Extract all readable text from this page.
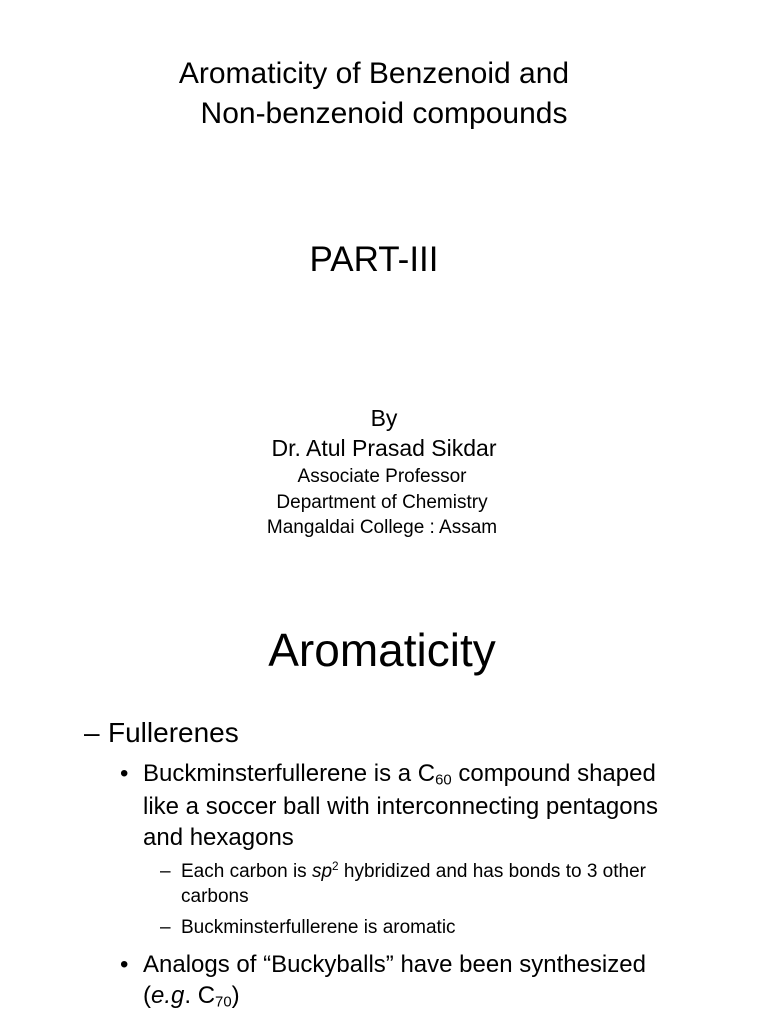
Aromaticity of Benzenoid and
Non-benzenoid compounds
PART-III
By
Dr. Atul Prasad Sikdar
Associate Professor
Department of Chemistry
Mangaldai College : Assam
Aromaticity
– Fullerenes
• Buckminsterfullerene is a $C_{60}$ compound shaped
like a soccer ball with interconnecting pentagons
and hexagons
– Each carbon is $sp^2$ hybridized and has bonds to 3 other
carbons
– Buckminsterfullerene is aromatic
• Analogs of “Buckyballs” have been synthesized
(e.g. $C_{70}$)
